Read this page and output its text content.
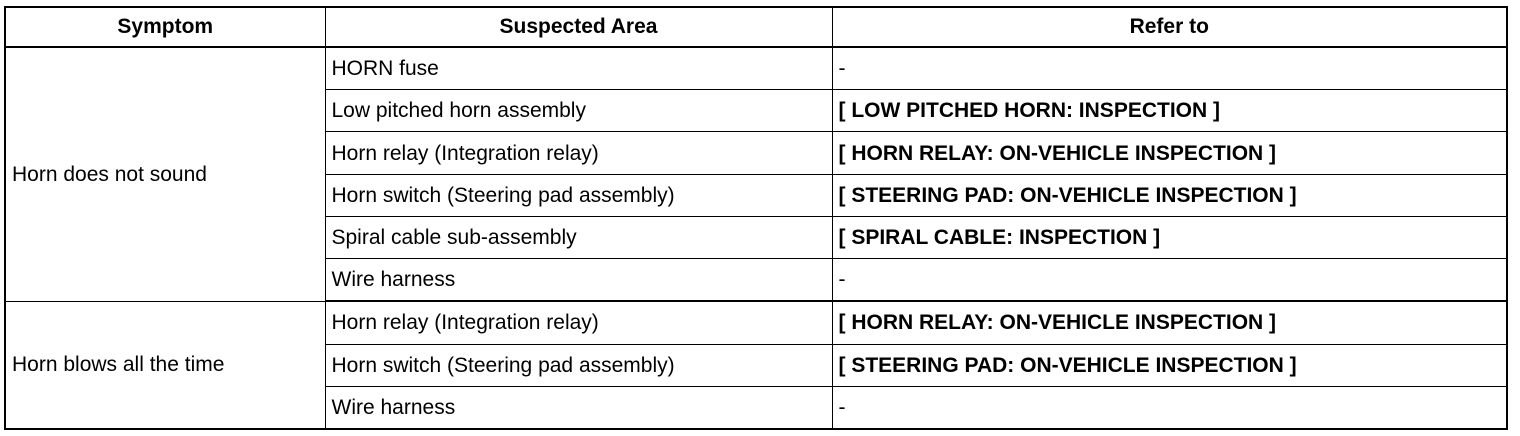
Symptom	Suspected Area	Refer to
Horn does not sound	HORN fuse	-
	Low pitched horn assembly	[ LOW PITCHED HORN: INSPECTION ]
	Horn relay (Integration relay)	[ HORN RELAY: ON-VEHICLE INSPECTION ]
	Horn switch (Steering pad assembly)	[ STEERING PAD: ON-VEHICLE INSPECTION ]
	Spiral cable sub-assembly	[ SPIRAL CABLE: INSPECTION ]
	Wire harness	-
Horn blows all the time	Horn relay (Integration relay)	[ HORN RELAY: ON-VEHICLE INSPECTION ]
	Horn switch (Steering pad assembly)	[ STEERING PAD: ON-VEHICLE INSPECTION ]
	Wire harness	-
